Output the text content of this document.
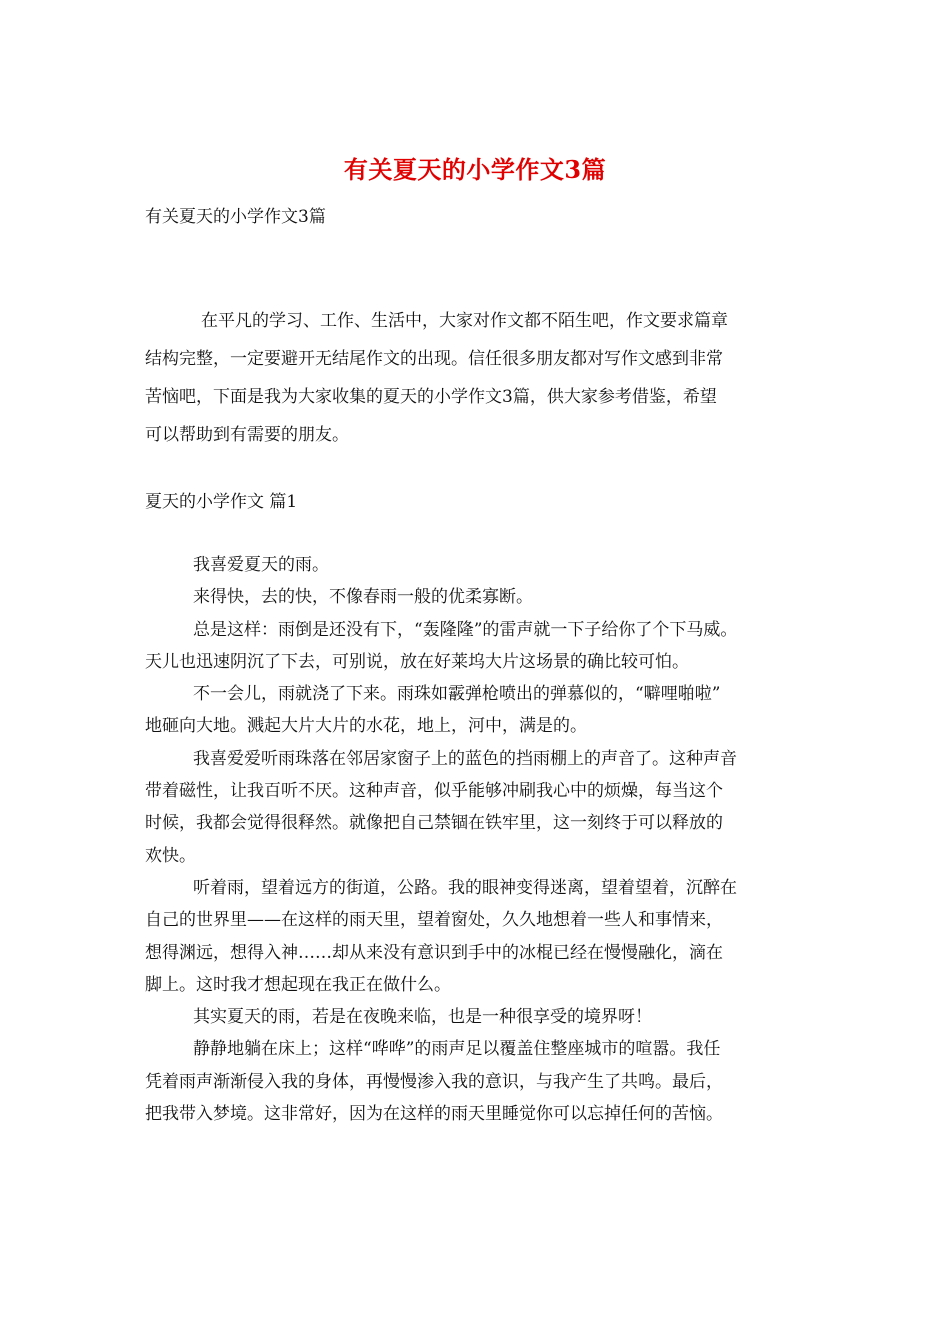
有关夏天的小学作文3篇
有关夏天的小学作文3篇
在平凡的学习、工作、生活中，大家对作文都不陌生吧，作文要求篇章
结构完整，一定要避开无结尾作文的出现。信任很多朋友都对写作文感到非常
苦恼吧，下面是我为大家收集的夏天的小学作文3篇，供大家参考借鉴，希望
可以帮助到有需要的朋友。
夏天的小学作文 篇1
我喜爱夏天的雨。
来得快，去的快，不像春雨一般的优柔寡断。
总是这样：雨倒是还没有下，“轰隆隆”的雷声就一下子给你了个下马威。
天儿也迅速阴沉了下去，可别说，放在好莱坞大片这场景的确比较可怕。
不一会儿，雨就浇了下来。雨珠如霰弹枪喷出的弹慕似的，“噼哩啪啦”
地砸向大地。溅起大片大片的水花，地上，河中，满是的。
我喜爱爱听雨珠落在邻居家窗子上的蓝色的挡雨棚上的声音了。这种声音
带着磁性，让我百听不厌。这种声音，似乎能够冲刷我心中的烦燥，每当这个
时候，我都会觉得很释然。就像把自己禁锢在铁牢里，这一刻终于可以释放的
欢快。
听着雨，望着远方的街道，公路。我的眼神变得迷离，望着望着，沉醉在
自己的世界里——在这样的雨天里，望着窗处，久久地想着一些人和事情来，
想得渊远，想得入神……却从来没有意识到手中的冰棍已经在慢慢融化，滴在
脚上。这时我才想起现在我正在做什么。
其实夏天的雨，若是在夜晚来临，也是一种很享受的境界呀！
静静地躺在床上；这样“哗哗”的雨声足以覆盖住整座城市的喧嚣。我任
凭着雨声渐渐侵入我的身体，再慢慢渗入我的意识，与我产生了共鸣。最后，
把我带入梦境。这非常好，因为在这样的雨天里睡觉你可以忘掉任何的苦恼。
